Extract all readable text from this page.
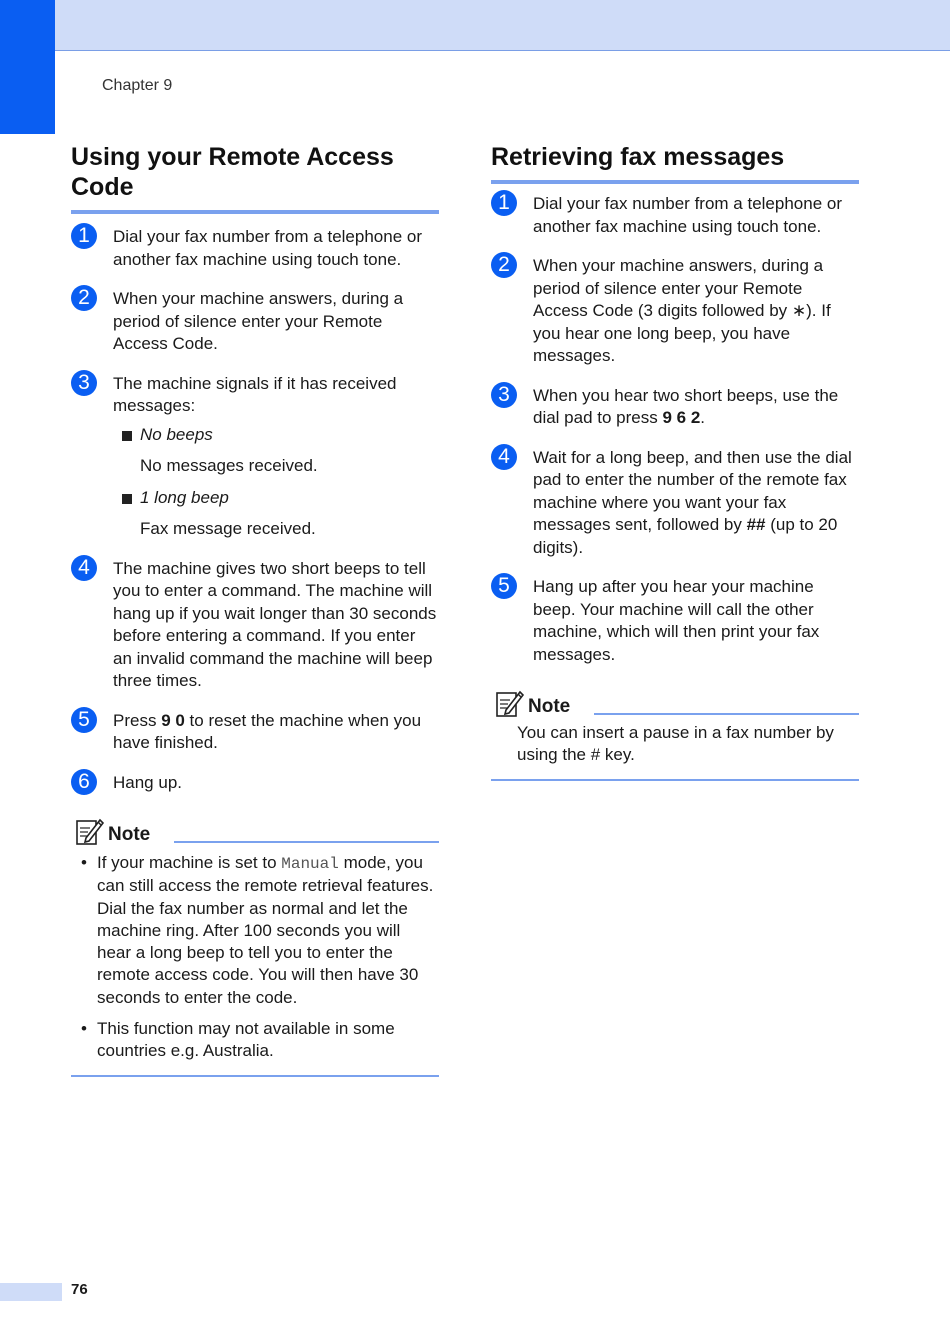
Chapter 9
Using your Remote Access Code
1	Dial your fax number from a telephone or another fax machine using touch tone.
2	When your machine answers, during a period of silence enter your Remote Access Code.
3	The machine signals if it has received messages:
No beeps
No messages received.
1 long beep
Fax message received.
4	The machine gives two short beeps to tell you to enter a command. The machine will hang up if you wait longer than 30 seconds before entering a command. If you enter an invalid command the machine will beep three times.
5	Press 9 0 to reset the machine when you have finished.
6	Hang up.
Note
• If your machine is set to Manual mode, you can still access the remote retrieval features. Dial the fax number as normal and let the machine ring. After 100 seconds you will hear a long beep to tell you to enter the remote access code. You will then have 30 seconds to enter the code.
• This function may not available in some countries e.g. Australia.
Retrieving fax messages
1	Dial your fax number from a telephone or another fax machine using touch tone.
2	When your machine answers, during a period of silence enter your Remote Access Code (3 digits followed by ∗). If you hear one long beep, you have messages.
3	When you hear two short beeps, use the dial pad to press 9 6 2.
4	Wait for a long beep, and then use the dial pad to enter the number of the remote fax machine where you want your fax messages sent, followed by ## (up to 20 digits).
5	Hang up after you hear your machine beep. Your machine will call the other machine, which will then print your fax messages.
Note
You can insert a pause in a fax number by using the # key.
76
